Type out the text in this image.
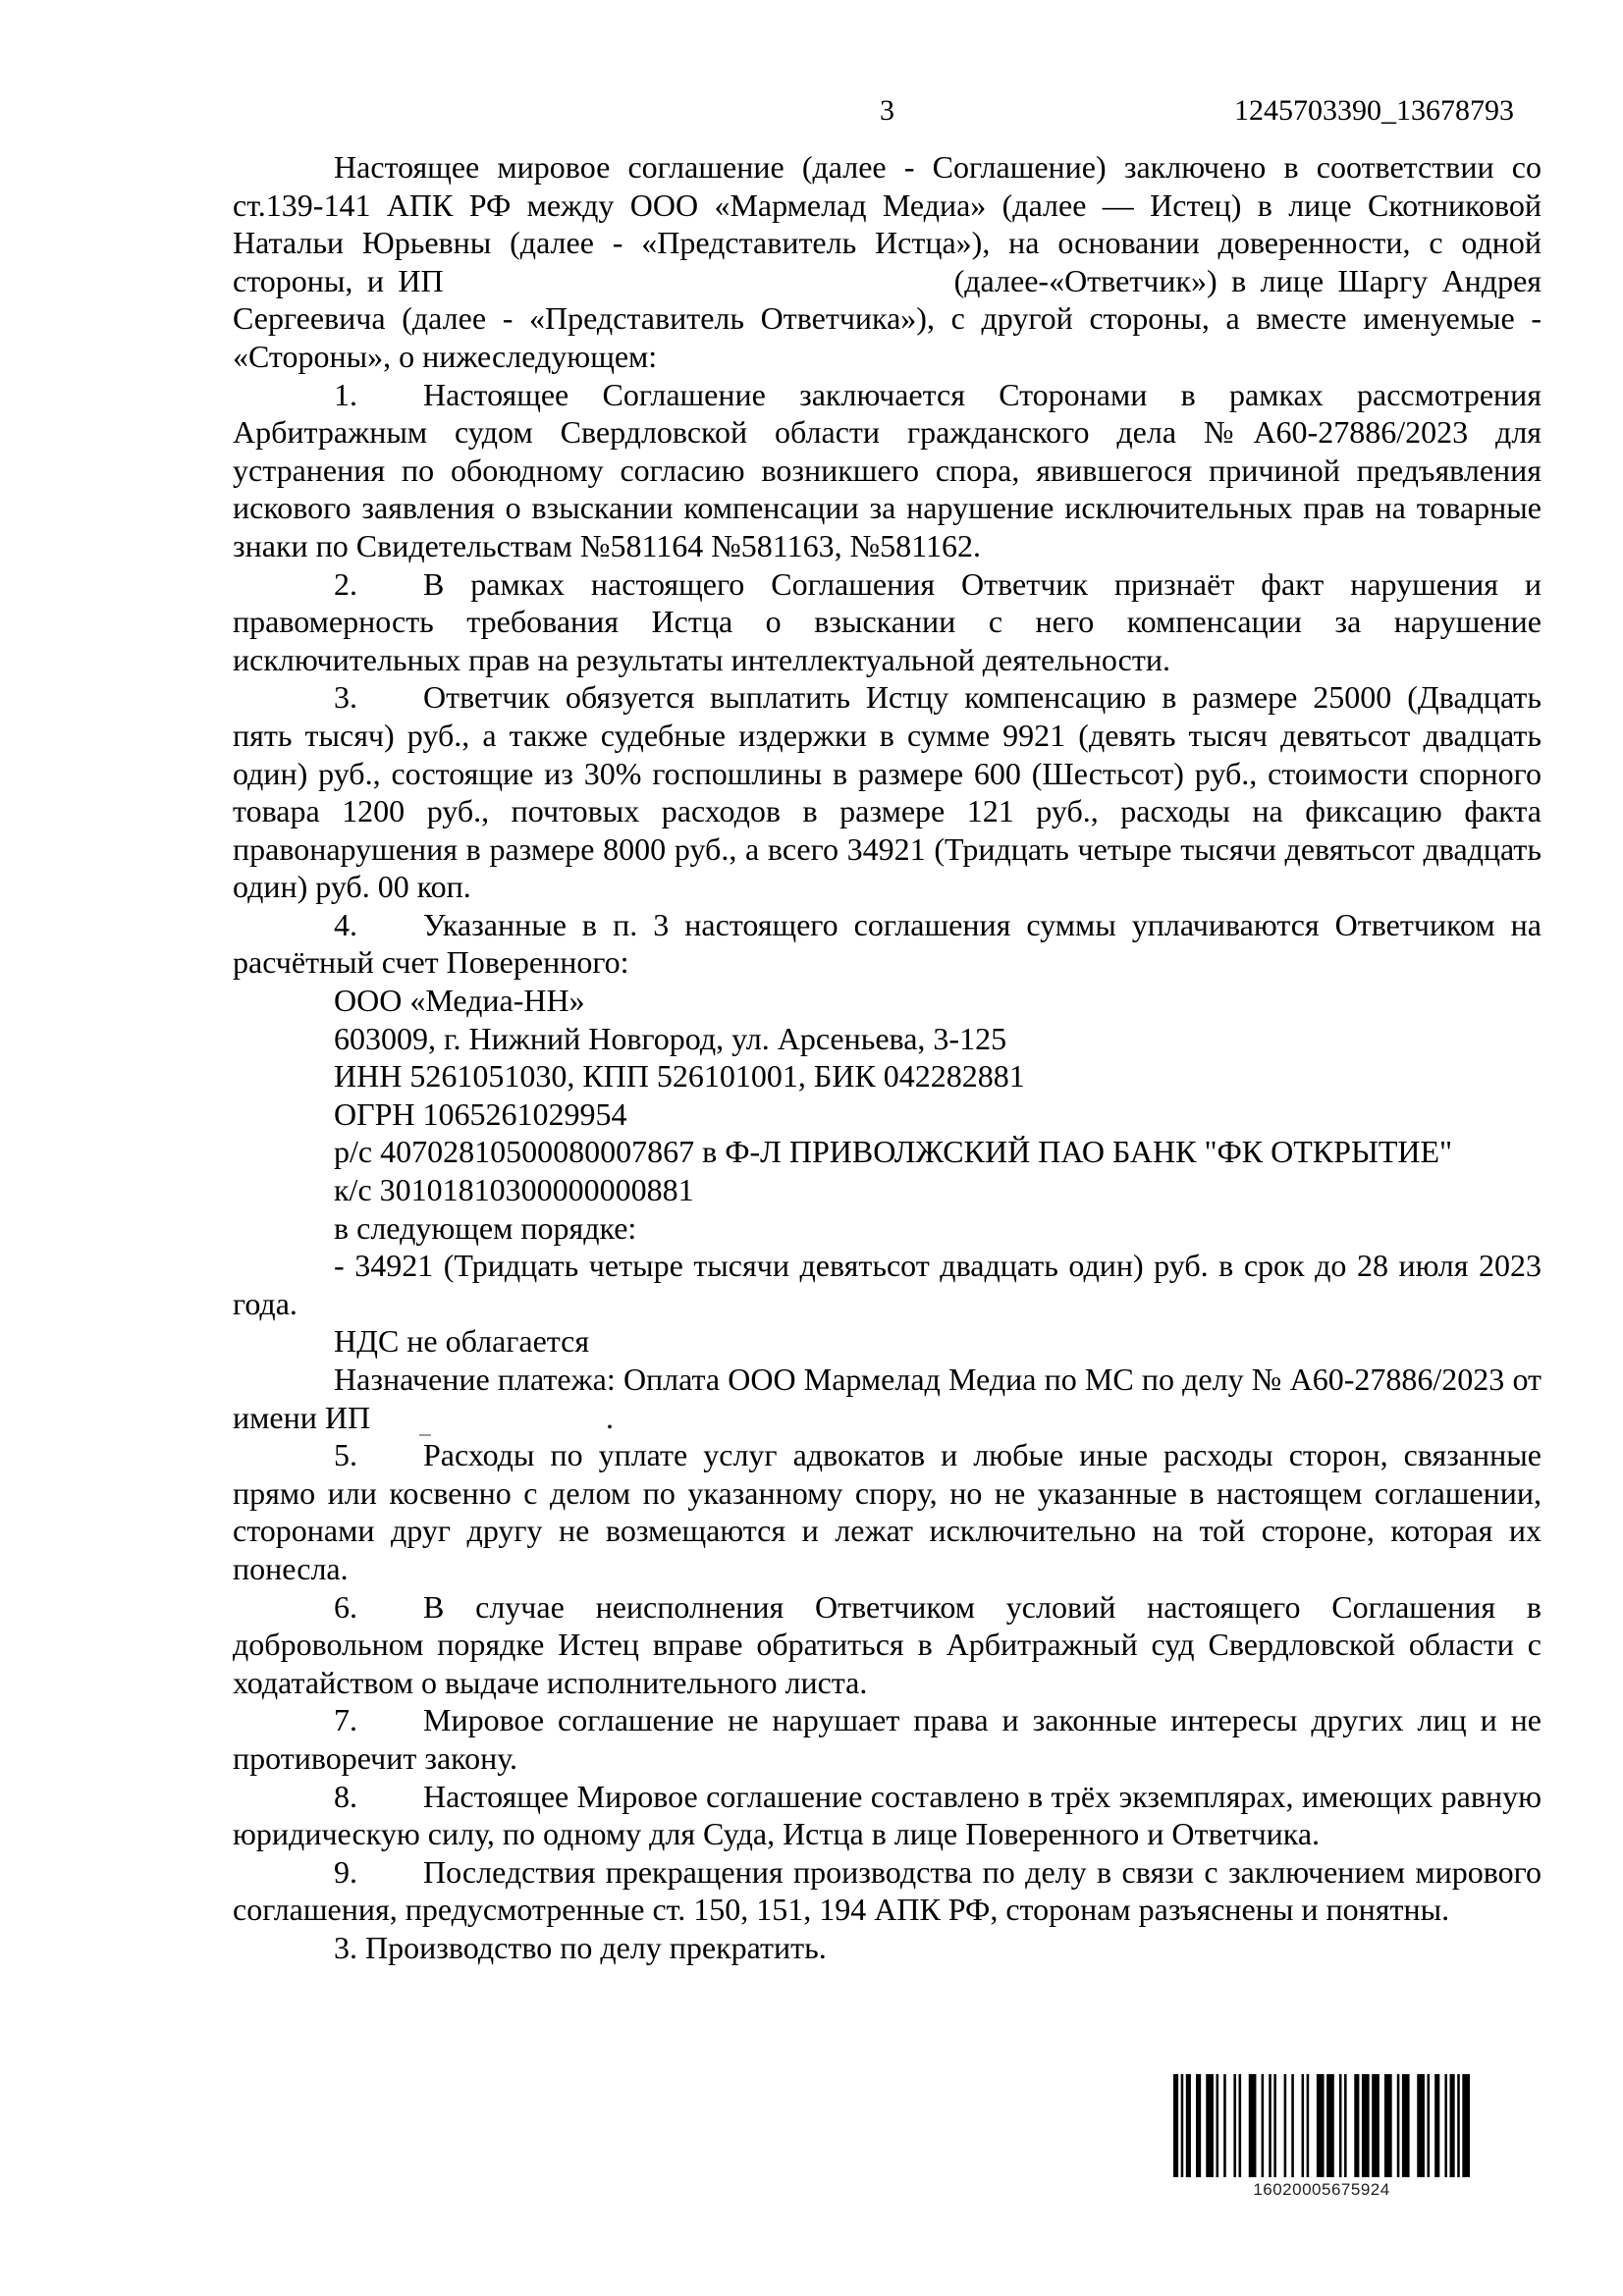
3	1245703390_13678793

Настоящее мировое соглашение (далее - Соглашение) заключено в соответствии со ст.139-141 АПК РФ между ООО «Мармелад Медиа» (далее — Истец) в лице Скотниковой Натальи Юрьевны (далее - «Представитель Истца»), на основании доверенности, с одной стороны, и ИП	(далее-«Ответчик») в лице Шаргу Андрея Сергеевича (далее - «Представитель Ответчика»), с другой стороны, а вместе именуемые - «Стороны», о нижеследующем:

1. Настоящее Соглашение заключается Сторонами в рамках рассмотрения Арбитражным судом Свердловской области гражданского дела №А60-27886/2023 для устранения по обоюдному согласию возникшего спора, явившегося причиной предъявления искового заявления о взыскании компенсации за нарушение исключительных прав на товарные знаки по Свидетельствам №581164 №581163, №581162.

2. В рамках настоящего Соглашения Ответчик признаёт факт нарушения и правомерность требования Истца о взыскании с него компенсации за нарушение исключительных прав на результаты интеллектуальной деятельности.

3. Ответчик обязуется выплатить Истцу компенсацию в размере 25000 (Двадцать пять тысяч) руб., а также судебные издержки в сумме 9921 (девять тысяч девятьсот двадцать один) руб., состоящие из 30% госпошлины в размере 600 (Шестьсот) руб., стоимости спорного товара 1200 руб., почтовых расходов в размере 121 руб., расходы на фиксацию факта правонарушения в размере 8000 руб., а всего 34921 (Тридцать четыре тысячи девятьсот двадцать один) руб. 00 коп.

4. Указанные в п. 3 настоящего соглашения суммы уплачиваются Ответчиком на расчётный счет Поверенного:

ООО «Медиа-НН»
603009, г. Нижний Новгород, ул. Арсеньева, 3-125
ИНН 5261051030, КПП 526101001, БИК 042282881
ОГРН 1065261029954
р/с 40702810500080007867 в Ф-Л ПРИВОЛЖСКИЙ ПАО БАНК "ФК ОТКРЫТИЕ"
к/с 30101810300000000881
в следующем порядке:

- 34921 (Тридцать четыре тысячи девятьсот двадцать один) руб. в срок до 28 июля 2023 года.

НДС не облагается

Назначение платежа: Оплата ООО Мармелад Медиа по МС по делу № А60-27886/2023 от имени ИП	.

5. Расходы по уплате услуг адвокатов и любые иные расходы сторон, связанные прямо или косвенно с делом по указанному спору, но не указанные в настоящем соглашении, сторонами друг другу не возмещаются и лежат исключительно на той стороне, которая их понесла.

6. В случае неисполнения Ответчиком условий настоящего Соглашения в добровольном порядке Истец вправе обратиться в Арбитражный суд Свердловской области с ходатайством о выдаче исполнительного листа.

7. Мировое соглашение не нарушает права и законные интересы других лиц и не противоречит закону.

8. Настоящее Мировое соглашение составлено в трёх экземплярах, имеющих равную юридическую силу, по одному для Суда, Истца в лице Поверенного и Ответчика.

9. Последствия прекращения производства по делу в связи с заключением мирового соглашения, предусмотренные ст. 150, 151, 194 АПК РФ, сторонам разъяснены и понятны.

3. Производство по делу прекратить.
16020005675924
